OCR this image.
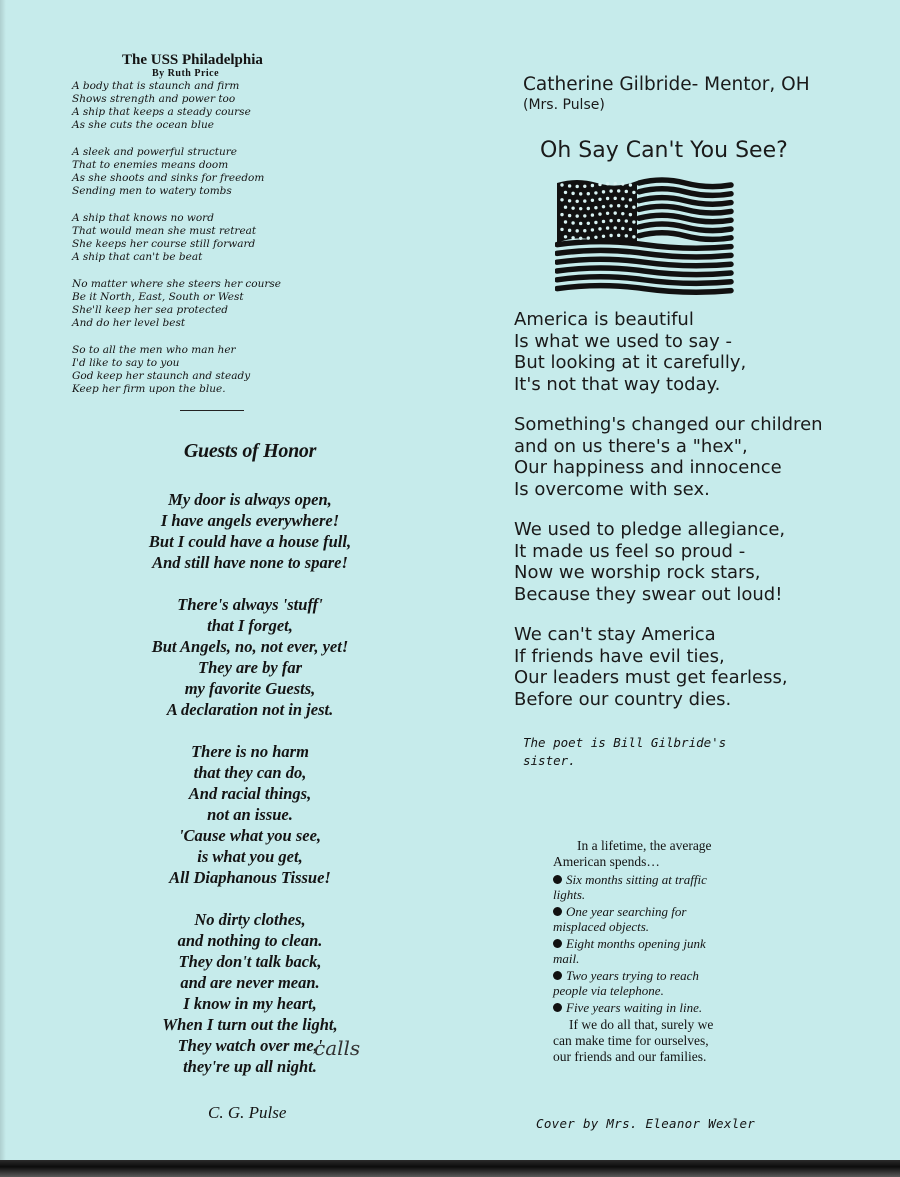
The USS Philadelphia
By Ruth Price
A body that is staunch and firm
Shows strength and power too
A ship that keeps a steady course
As she cuts the ocean blue
A sleek and powerful structure
That to enemies means doom
As she shoots and sinks for freedom
Sending men to watery tombs
A ship that knows no word
That would mean she must retreat
She keeps her course still forward
A ship that can't be beat
No matter where she steers her course
Be it North, East, South or West
She'll keep her sea protected
And do her level best
So to all the men who man her
I'd like to say to you
God keep her staunch and steady
Keep her firm upon the blue.
Guests of Honor
My door is always open,
I have angels everywhere!
But I could have a house full,
And still have none to spare!
There's always 'stuff'
that I forget,
But Angels, no, not ever, yet!
They are by far
my favorite Guests,
A declaration not in jest.
There is no harm
that they can do,
And racial things,
not an issue.
'Cause what you see,
is what you get,
All Diaphanous Tissue!
No dirty clothes,
and nothing to clean.
They don't talk back,
and are never mean.
I know in my heart,
When I turn out the light,
They watch over me,'
they're up all night.
calls
C. G. Pulse
Catherine Gilbride- Mentor, OH
(Mrs. Pulse)
Oh Say Can't You See?
America is beautiful
Is what we used to say -
But looking at it carefully,
It's not that way today.
Something's changed our children
and on us there's a "hex",
Our happiness and innocence
Is overcome with sex.
We used to pledge allegiance,
It made us feel so proud -
Now we worship rock stars,
Because they swear out loud!
We can't stay America
If friends have evil ties,
Our leaders must get fearless,
Before our country dies.
The poet is Bill Gilbride's
sister.
In a lifetime, the average American spends…
Six months sitting at traffic lights.
One year searching for misplaced objects.
Eight months opening junk mail.
Two years trying to reach people via telephone.
Five years waiting in line.
If we do all that, surely we can make time for ourselves, our friends and our families.
Cover by Mrs. Eleanor Wexler
